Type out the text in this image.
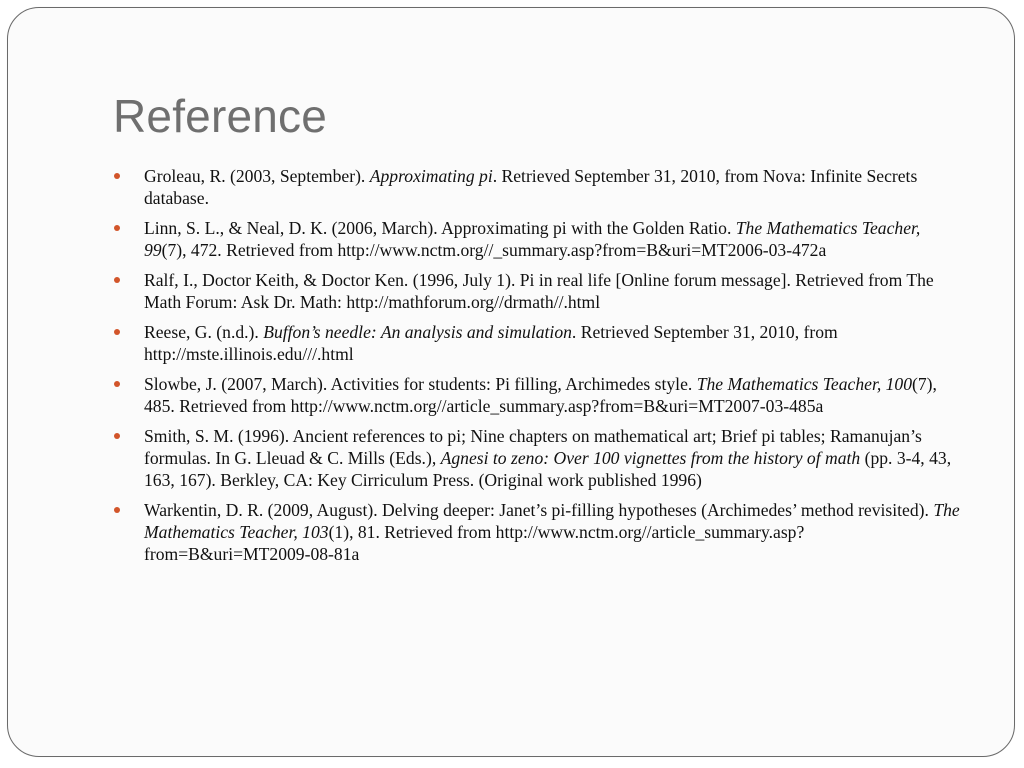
Reference
Groleau, R. (2003, September). Approximating pi. Retrieved September 31, 2010, from Nova: Infinite Secrets database.
Linn, S. L., & Neal, D. K. (2006, March). Approximating pi with the Golden Ratio. The Mathematics Teacher, 99(7), 472. Retrieved from http://www.nctm.org//_summary.asp?from=B&uri=MT2006-03-472a
Ralf, I., Doctor Keith, & Doctor Ken. (1996, July 1). Pi in real life [Online forum message]. Retrieved from The Math Forum: Ask Dr. Math: http://mathforum.org//drmath//.html
Reese, G. (n.d.). Buffon’s needle: An analysis and simulation. Retrieved September 31, 2010, from http://mste.illinois.edu///.html
Slowbe, J. (2007, March). Activities for students: Pi filling, Archimedes style. The Mathematics Teacher, 100(7), 485. Retrieved from http://www.nctm.org//article_summary.asp?from=B&uri=MT2007-03-485a
Smith, S. M. (1996). Ancient references to pi; Nine chapters on mathematical art; Brief pi tables; Ramanujan’s formulas. In G. Lleuad & C. Mills (Eds.), Agnesi to zeno: Over 100 vignettes from the history of math (pp. 3-4, 43, 163, 167). Berkley, CA: Key Cirriculum Press. (Original work published 1996)
Warkentin, D. R. (2009, August). Delving deeper: Janet’s pi-filling hypotheses (Archimedes’ method revisited). The Mathematics Teacher, 103(1), 81. Retrieved from http://www.nctm.org//article_summary.asp?from=B&uri=MT2009-08-81a
